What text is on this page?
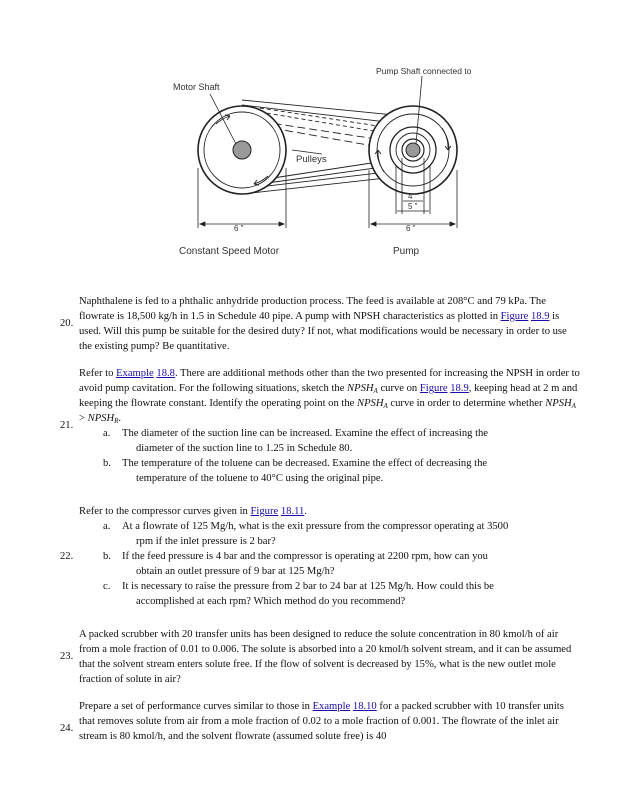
Pump Shaft connected to
Motor Shaft
Pulleys
4 "
5 "
6 "	6 "
Constant Speed Motor	Pump
20.

Naphthalene is fed to a phthalic anhydride production process. The feed is available at 208°C and 79 kPa. The flowrate is 18,500 kg/h in 1.5 in Schedule 40 pipe. A pump with NPSH characteristics as plotted in Figure 18.9 is used. Will this pump be suitable for the desired duty? If not, what modifications would be necessary in order to use the existing pump? Be quantitative.

21.

Refer to Example 18.8. There are additional methods other than the two presented for increasing the NPSH in order to avoid pump cavitation. For the following situations, sketch the $NPSH_A$ curve on Figure 18.9, keeping head at 2 m and keeping the flowrate constant. Identify the operating point on the $NPSH_A$ curve in order to determine whether $NPSH_A$ > $NPSH_R$.

a. The diameter of the suction line can be increased. Examine the effect of increasing the
diameter of the suction line to 1.25 in Schedule 80.
b. The temperature of the toluene can be decreased. Examine the effect of decreasing the
temperature of the toluene to 40°C using the original pipe.
22.

Refer to the compressor curves given in Figure 18.11.

a. At a flowrate of 125 Mg/h, what is the exit pressure from the compressor operating at 3500
rpm if the inlet pressure is 2 bar?
b. If the feed pressure is 4 bar and the compressor is operating at 2200 rpm, how can you
obtain an outlet pressure of 9 bar at 125 Mg/h?
c. It is necessary to raise the pressure from 2 bar to 24 bar at 125 Mg/h. How could this be
accomplished at each rpm? Which method do you recommend?
23.

A packed scrubber with 20 transfer units has been designed to reduce the solute concentration in 80 kmol/h of air from a mole fraction of 0.01 to 0.006. The solute is absorbed into a 20 kmol/h solvent stream, and it can be assumed that the solvent stream enters solute free. If the flow of solvent is decreased by 15%, what is the new outlet mole fraction of solute in air?

24.

Prepare a set of performance curves similar to those in Example 18.10 for a packed scrubber with 10 transfer units that removes solute from air from a mole fraction of 0.02 to a mole fraction of 0.001. The flowrate of the inlet air stream is 80 kmol/h, and the solvent flowrate (assumed solute free) is 40
